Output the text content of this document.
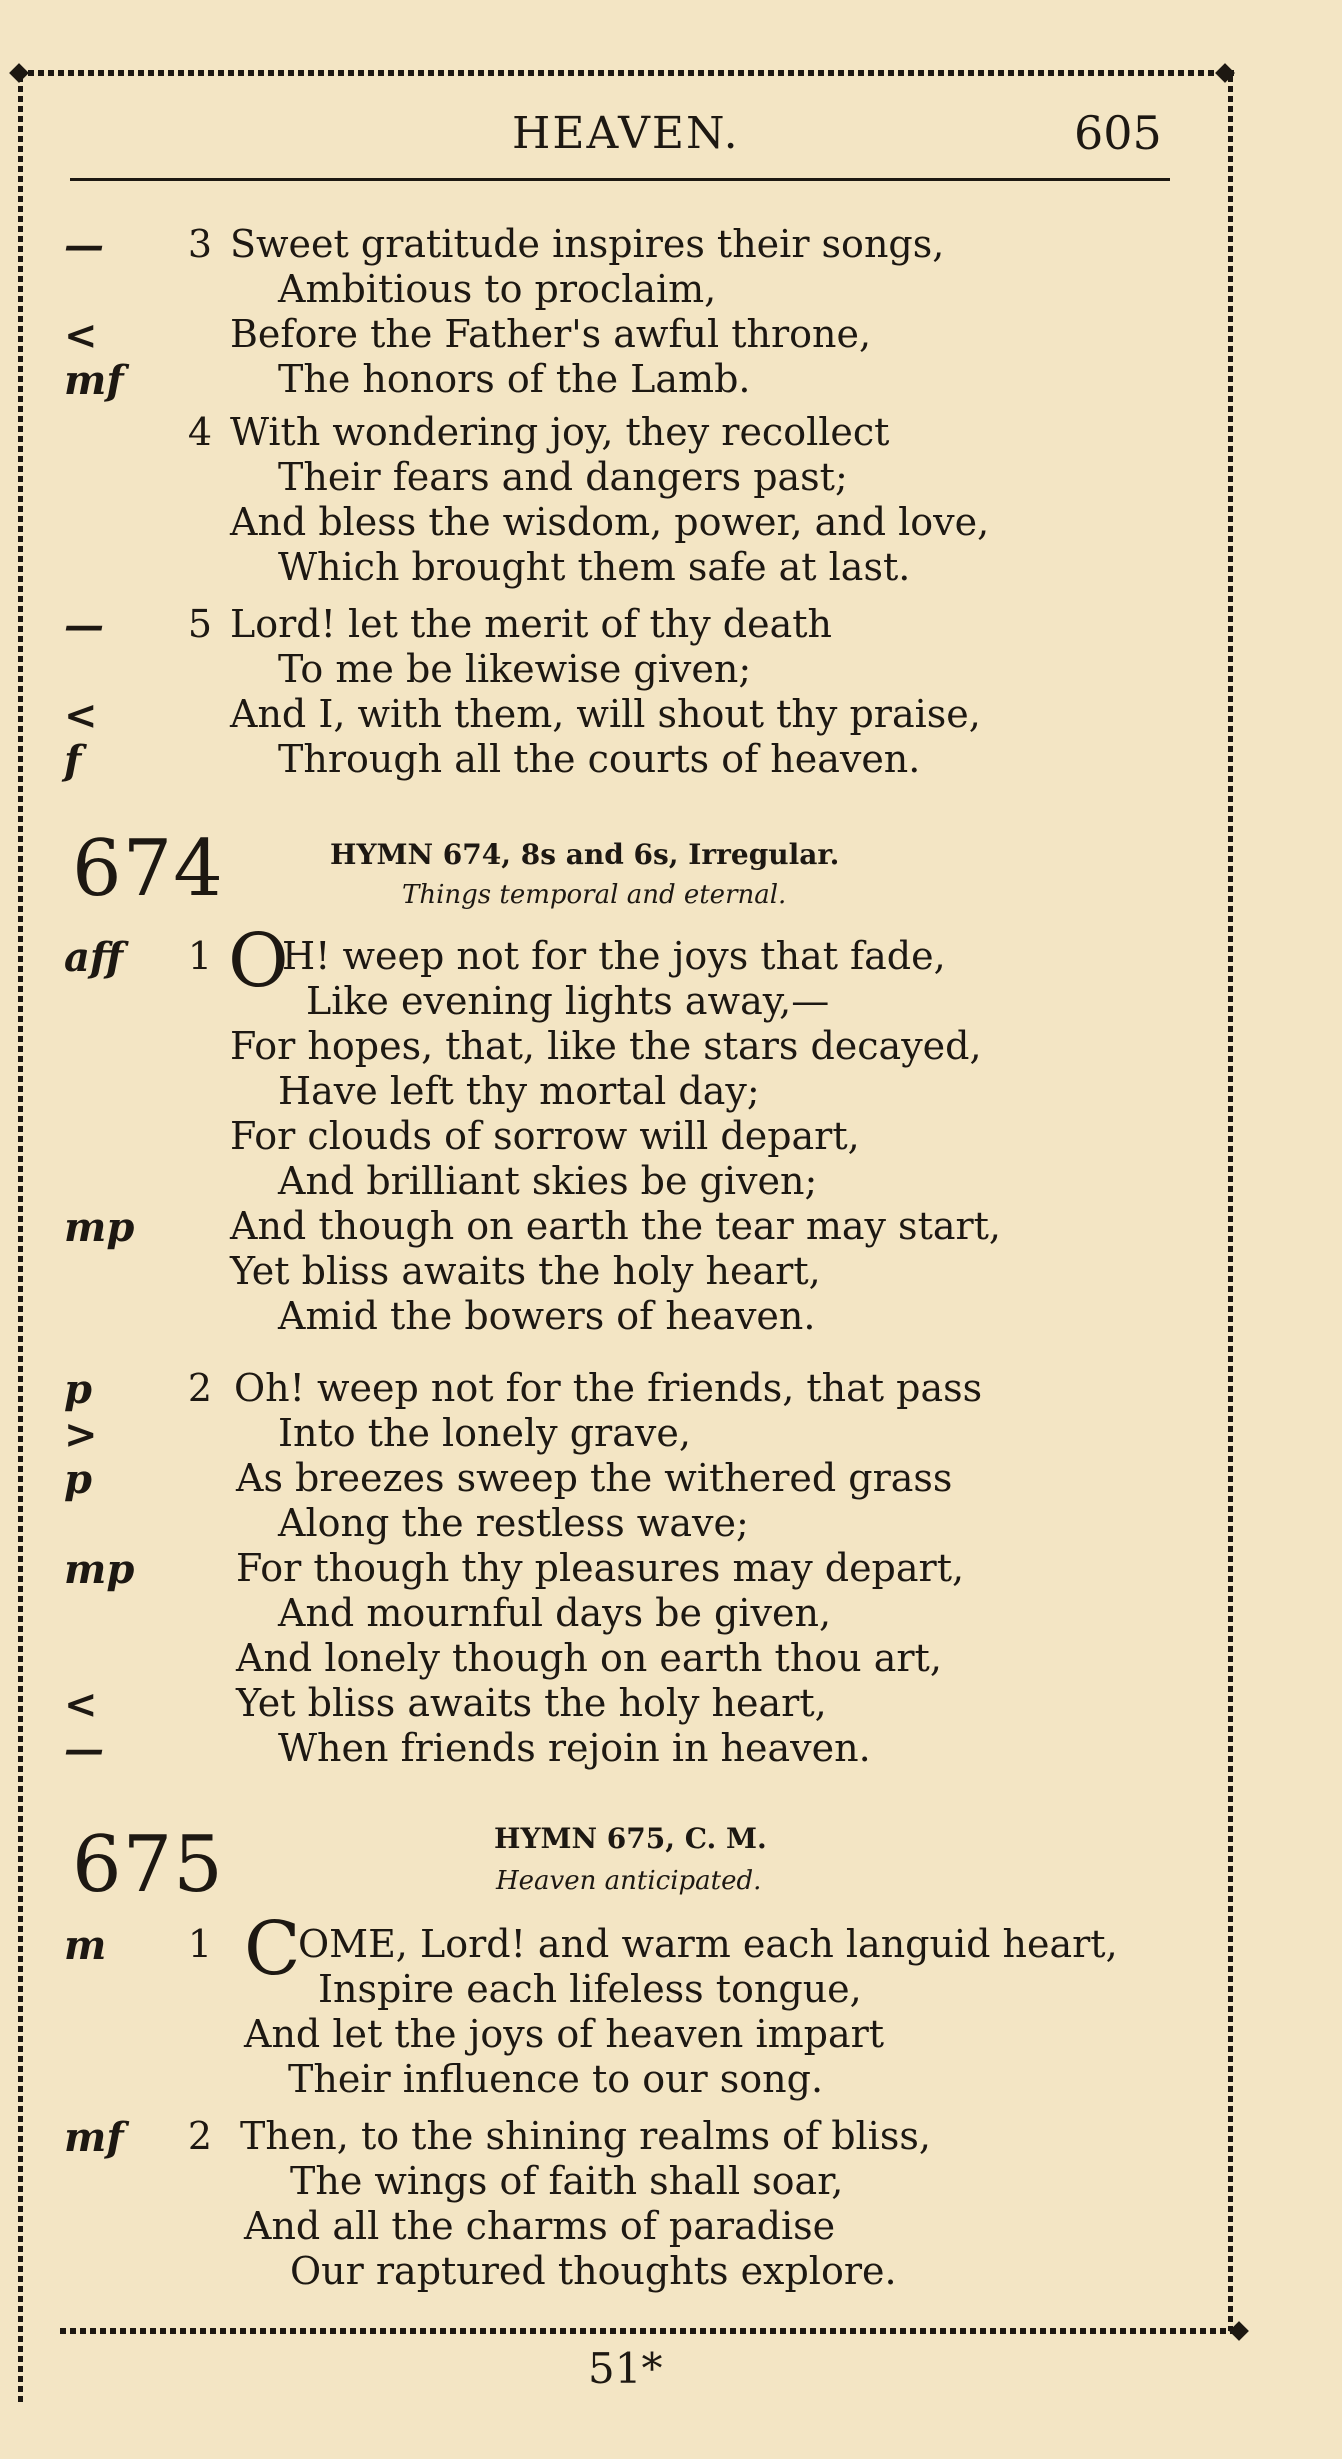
HEAVEN.	605
—	3 Sweet gratitude inspires their songs,
Ambitious to proclaim,
<	Before the Father's awful throne,
mf	The honors of the Lamb.
4 With wondering joy, they recollect
Their fears and dangers past;
And bless the wisdom, power, and love,
Which brought them safe at last.
—	5 Lord! let the merit of thy death
To me be likewise given;
<	And I, with them, will shout thy praise,
f	Through all the courts of heaven.
674	HYMN 674, 8s and 6s, Irregular.
Things temporal and eternal.
aff	1 O
H! weep not for the joys that fade,
Like evening lights away,—
For hopes, that, like the stars decayed,
Have left thy mortal day;
For clouds of sorrow will depart,
And brilliant skies be given;
mp	And though on earth the tear may start,
Yet bliss awaits the holy heart,
Amid the bowers of heaven.
p	2 Oh! weep not for the friends, that pass
>	Into the lonely grave,
p	As breezes sweep the withered grass
Along the restless wave;
mp	For though thy pleasures may depart,
And mournful days be given,
And lonely though on earth thou art,
<	Yet bliss awaits the holy heart,
—	When friends rejoin in heaven.
675	HYMN 675, C. M.
Heaven anticipated.
m	1 C
OME, Lord! and warm each languid heart,
Inspire each lifeless tongue,
And let the joys of heaven impart
Their influence to our song.
mf	2 Then, to the shining realms of bliss,
The wings of faith shall soar,
And all the charms of paradise
Our raptured thoughts explore.
51*
